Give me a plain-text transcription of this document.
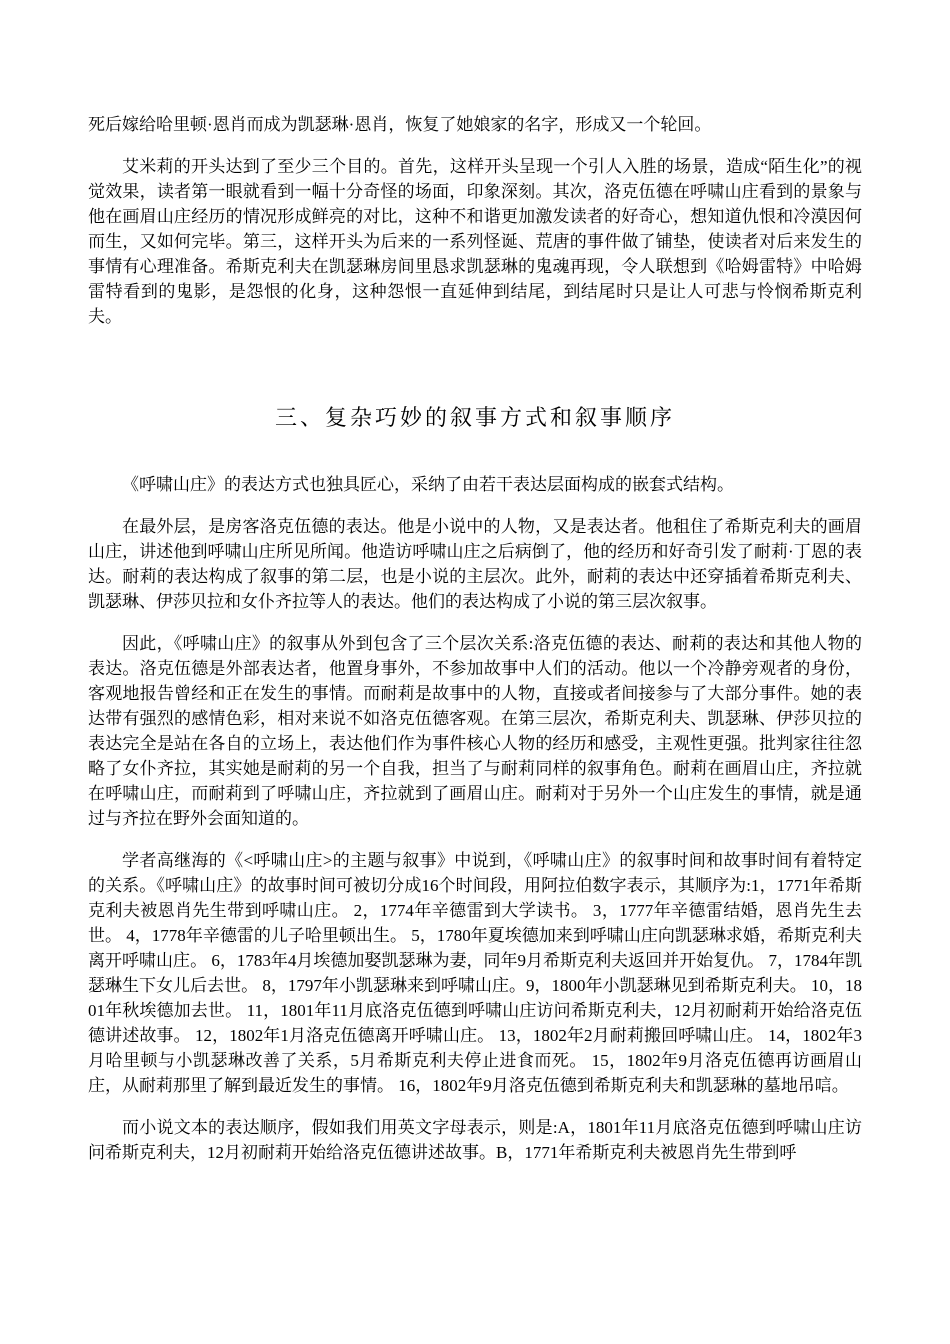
死后嫁给哈里顿·恩肖而成为凯瑟琳·恩肖，恢复了她娘家的名字，形成又一个轮回。

艾米莉的开头达到了至少三个目的。首先，这样开头呈现一个引人入胜的场景，造成“陌生化”的视觉效果，读者第一眼就看到一幅十分奇怪的场面，印象深刻。其次，洛克伍德在呼啸山庄看到的景象与他在画眉山庄经历的情况形成鲜亮的对比，这种不和谐更加激发读者的好奇心，想知道仇恨和冷漠因何而生，又如何完毕。第三，这样开头为后来的一系列怪诞、荒唐的事件做了铺垫，使读者对后来发生的事情有心理准备。希斯克利夫在凯瑟琳房间里恳求凯瑟琳的鬼魂再现，令人联想到《哈姆雷特》中哈姆雷特看到的鬼影，是怨恨的化身，这种怨恨一直延伸到结尾，到结尾时只是让人可悲与怜悯希斯克利夫。

三、复杂巧妙的叙事方式和叙事顺序

《呼啸山庄》的表达方式也独具匠心，采纳了由若干表达层面构成的嵌套式结构。

在最外层，是房客洛克伍德的表达。他是小说中的人物，又是表达者。他租住了希斯克利夫的画眉山庄，讲述他到呼啸山庄所见所闻。他造访呼啸山庄之后病倒了，他的经历和好奇引发了耐莉·丁恩的表达。耐莉的表达构成了叙事的第二层，也是小说的主层次。此外，耐莉的表达中还穿插着希斯克利夫、凯瑟琳、伊莎贝拉和女仆齐拉等人的表达。他们的表达构成了小说的第三层次叙事。

因此，《呼啸山庄》的叙事从外到包含了三个层次关系:洛克伍德的表达、耐莉的表达和其他人物的表达。洛克伍德是外部表达者，他置身事外，不参加故事中人们的活动。他以一个冷静旁观者的身份，客观地报告曾经和正在发生的事情。而耐莉是故事中的人物，直接或者间接参与了大部分事件。她的表达带有强烈的感情色彩，相对来说不如洛克伍德客观。在第三层次，希斯克利夫、凯瑟琳、伊莎贝拉的表达完全是站在各自的立场上，表达他们作为事件核心人物的经历和感受，主观性更强。批判家往往忽略了女仆齐拉，其实她是耐莉的另一个自我，担当了与耐莉同样的叙事角色。耐莉在画眉山庄，齐拉就在呼啸山庄，而耐莉到了呼啸山庄，齐拉就到了画眉山庄。耐莉对于另外一个山庄发生的事情，就是通过与齐拉在野外会面知道的。

学者高继海的《<呼啸山庄>的主题与叙事》中说到，《呼啸山庄》的叙事时间和故事时间有着特定的关系。《呼啸山庄》的故事时间可被切分成16个时间段，用阿拉伯数字表示，其顺序为:1，1771年希斯克利夫被恩肖先生带到呼啸山庄。 2，1774年辛德雷到大学读书。 3，1777年辛德雷结婚，恩肖先生去世。 4，1778年辛德雷的儿子哈里顿出生。 5，1780年夏埃德加来到呼啸山庄向凯瑟琳求婚，希斯克利夫离开呼啸山庄。 6，1783年4月埃德加娶凯瑟琳为妻，同年9月希斯克利夫返回并开始复仇。 7，1784年凯瑟琳生下女儿后去世。 8，1797年小凯瑟琳来到呼啸山庄。9，1800年小凯瑟琳见到希斯克利夫。 10，1801年秋埃德加去世。 11，1801年11月底洛克伍德到呼啸山庄访问希斯克利夫，12月初耐莉开始给洛克伍德讲述故事。 12，1802年1月洛克伍德离开呼啸山庄。 13，1802年2月耐莉搬回呼啸山庄。 14，1802年3月哈里顿与小凯瑟琳改善了关系，5月希斯克利夫停止进食而死。 15，1802年9月洛克伍德再访画眉山庄，从耐莉那里了解到最近发生的事情。 16，1802年9月洛克伍德到希斯克利夫和凯瑟琳的墓地吊唁。

而小说文本的表达顺序，假如我们用英文字母表示，则是:A，1801年11月底洛克伍德到呼啸山庄访问希斯克利夫，12月初耐莉开始给洛克伍德讲述故事。B，1771年希斯克利夫被恩肖先生带到呼
